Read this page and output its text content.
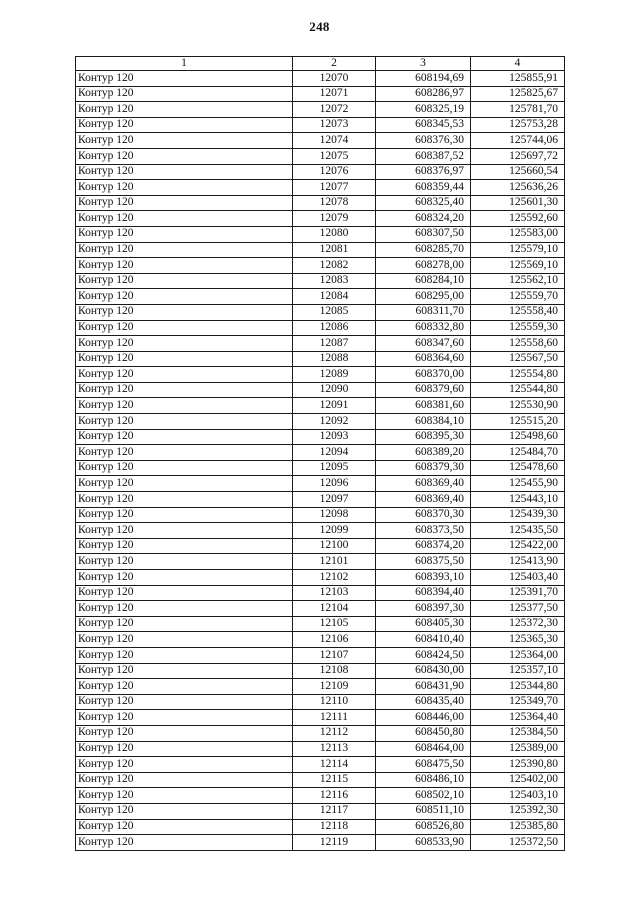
248
1	2	3	4
Контур 120	12070	608194,69	125855,91
Контур 120	12071	608286,97	125825,67
Контур 120	12072	608325,19	125781,70
Контур 120	12073	608345,53	125753,28
Контур 120	12074	608376,30	125744,06
Контур 120	12075	608387,52	125697,72
Контур 120	12076	608376,97	125660,54
Контур 120	12077	608359,44	125636,26
Контур 120	12078	608325,40	125601,30
Контур 120	12079	608324,20	125592,60
Контур 120	12080	608307,50	125583,00
Контур 120	12081	608285,70	125579,10
Контур 120	12082	608278,00	125569,10
Контур 120	12083	608284,10	125562,10
Контур 120	12084	608295,00	125559,70
Контур 120	12085	608311,70	125558,40
Контур 120	12086	608332,80	125559,30
Контур 120	12087	608347,60	125558,60
Контур 120	12088	608364,60	125567,50
Контур 120	12089	608370,00	125554,80
Контур 120	12090	608379,60	125544,80
Контур 120	12091	608381,60	125530,90
Контур 120	12092	608384,10	125515,20
Контур 120	12093	608395,30	125498,60
Контур 120	12094	608389,20	125484,70
Контур 120	12095	608379,30	125478,60
Контур 120	12096	608369,40	125455,90
Контур 120	12097	608369,40	125443,10
Контур 120	12098	608370,30	125439,30
Контур 120	12099	608373,50	125435,50
Контур 120	12100	608374,20	125422,00
Контур 120	12101	608375,50	125413,90
Контур 120	12102	608393,10	125403,40
Контур 120	12103	608394,40	125391,70
Контур 120	12104	608397,30	125377,50
Контур 120	12105	608405,30	125372,30
Контур 120	12106	608410,40	125365,30
Контур 120	12107	608424,50	125364,00
Контур 120	12108	608430,00	125357,10
Контур 120	12109	608431,90	125344,80
Контур 120	12110	608435,40	125349,70
Контур 120	12111	608446,00	125364,40
Контур 120	12112	608450,80	125384,50
Контур 120	12113	608464,00	125389,00
Контур 120	12114	608475,50	125390,80
Контур 120	12115	608486,10	125402,00
Контур 120	12116	608502,10	125403,10
Контур 120	12117	608511,10	125392,30
Контур 120	12118	608526,80	125385,80
Контур 120	12119	608533,90	125372,50
